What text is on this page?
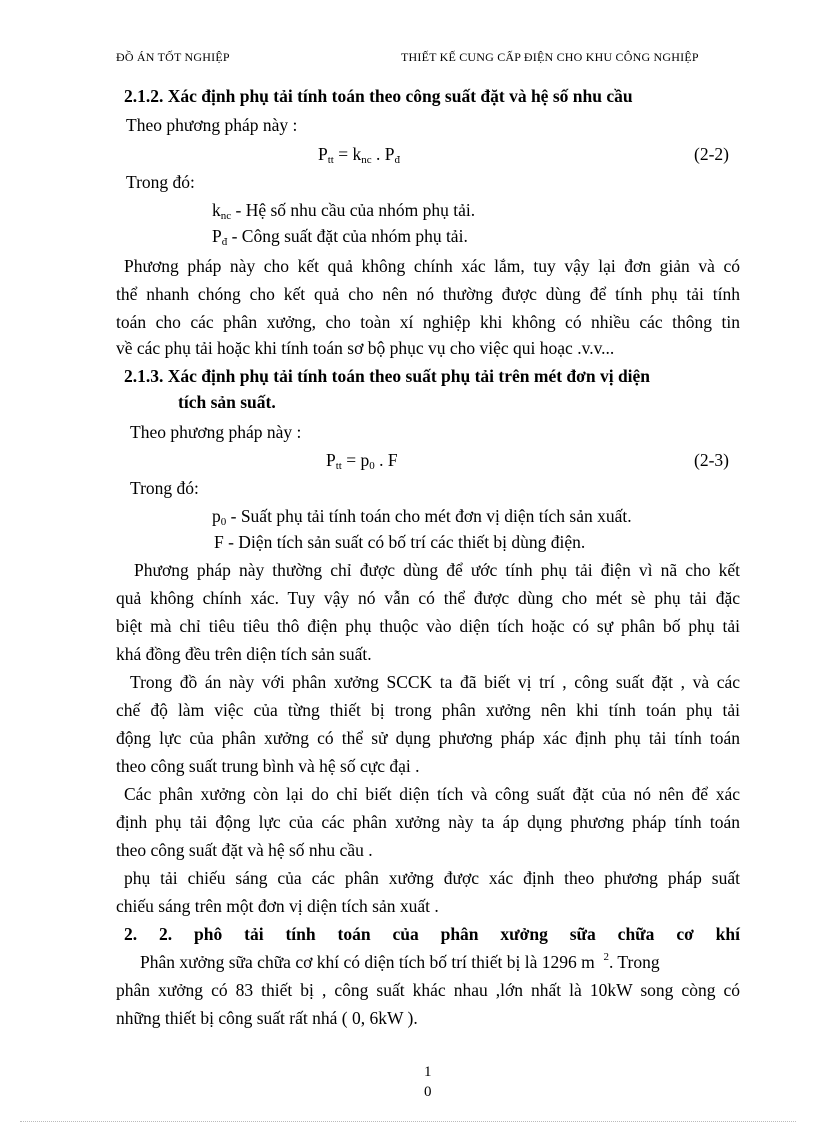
ĐỒ ÁN TỐT NGHIỆP	THIẾT KẾ CUNG CẤP ĐIỆN CHO KHU CÔNG NGHIỆP
2.1.2. Xác định phụ tải tính toán theo công suất đặt và hệ số nhu cầu
Theo phương pháp này :
$P_{tt} = k_{nc}$ . $P_đ$	(2-2)
Trong đó:
$k_{nc}$ - Hệ số nhu cầu của nhóm phụ tải.
$P_đ$ - Công suất đặt của nhóm phụ tải.
Phương pháp này cho kết quả không chính xác lắm, tuy vậy lại đơn giản và có
thể nhanh chóng cho kết quả cho nên nó thường được dùng để tính phụ tải tính
toán cho các phân xưởng, cho toàn xí nghiệp khi không có nhiều các thông tin
về các phụ tải hoặc khi tính toán sơ bộ phục vụ cho việc qui hoạc .v.v...
2.1.3. Xác định phụ tải tính toán theo suất phụ tải trên mét đơn vị diện
tích sản suất.
Theo phương pháp này :
$P_{tt} = p_0$ . F	(2-3)
Trong đó:
$p_0$ - Suất phụ tải tính toán cho mét đơn vị diện tích sản xuất.
F - Diện tích sản suất có bố trí các thiết bị dùng điện.
Phương pháp này thường chỉ được dùng để ước tính phụ tải điện vì nã cho kết
quả không chính xác. Tuy vậy nó vẫn có thể được dùng cho mét sè phụ tải đặc
biệt mà chỉ tiêu tiêu thô điện phụ thuộc vào diện tích hoặc có sự phân bố phụ tải
khá đồng đều trên diện tích sản suất.
Trong đồ án này với phân xưởng SCCK ta đã biết vị trí , công suất đặt , và các
chế độ làm việc của từng thiết bị trong phân xưởng nên khi tính toán phụ tải
động lực của phân xưởng có thể sử dụng phương pháp xác định phụ tải tính toán
theo công suất trung bình và hệ số cực đại .
Các phân xưởng còn lại do chỉ biết diện tích và công suất đặt của nó nên để xác
định phụ tải động lực của các phân xưởng này ta áp dụng phương pháp tính toán
theo công suất đặt và hệ số nhu cầu .
phụ tải chiếu sáng của các phân xưởng được xác định theo phương pháp suất
chiếu sáng trên một đơn vị diện tích sản xuất .
2. 2. phô tải tính toán của phân xưởng sữa chữa cơ khí
Phân xưởng sữa chữa cơ khí có diện tích bố trí thiết bị là 1296 m $^2$. Trong
phân xưởng có 83 thiết bị , công suất khác nhau ,lớn nhất là 10kW song còng có
những thiết bị công suất rất nhá ( 0, 6kW ).
1
0
